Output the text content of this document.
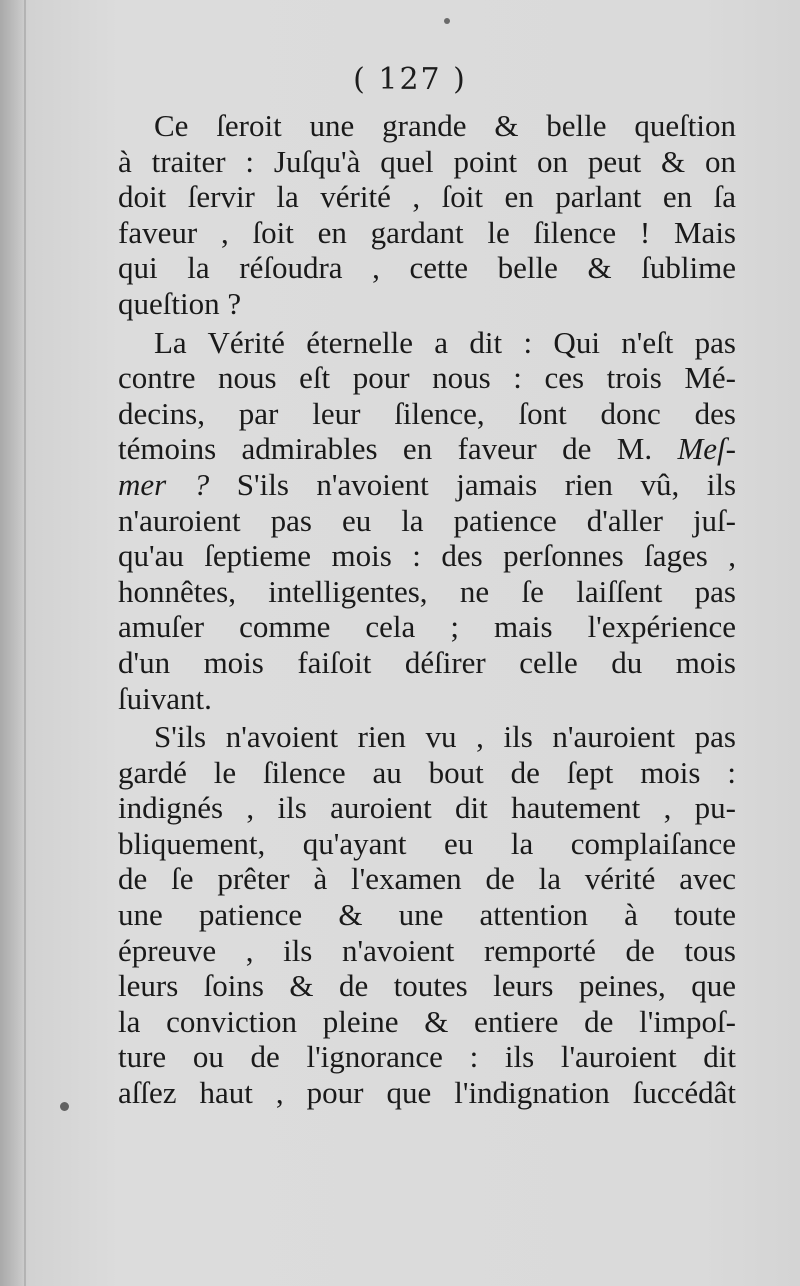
( 127 )
Ce ſeroit une grande & belle queſtion
à traiter : Juſqu'à quel point on peut & on
doit ſervir la vérité , ſoit en parlant en ſa
faveur , ſoit en gardant le ſilence ! Mais
qui la réſoudra , cette belle & ſublime
queſtion ?
La Vérité éternelle a dit : Qui n'eſt pas
contre nous eſt pour nous : ces trois Mé-
decins, par leur ſilence, ſont donc des
témoins admirables en faveur de M. Meſ-
mer ? S'ils n'avoient jamais rien vû, ils
n'auroient pas eu la patience d'aller juſ-
qu'au ſeptieme mois : des perſonnes ſages ,
honnêtes, intelligentes, ne ſe laiſſent pas
amuſer comme cela ; mais l'expérience
d'un mois faiſoit déſirer celle du mois
ſuivant.
S'ils n'avoient rien vu , ils n'auroient pas
gardé le ſilence au bout de ſept mois :
indignés , ils auroient dit hautement , pu-
bliquement, qu'ayant eu la complaiſance
de ſe prêter à l'examen de la vérité avec
une patience & une attention à toute
épreuve , ils n'avoient remporté de tous
leurs ſoins & de toutes leurs peines, que
la conviction pleine & entiere de l'impoſ-
ture ou de l'ignorance : ils l'auroient dit
aſſez haut , pour que l'indignation ſuccédât
